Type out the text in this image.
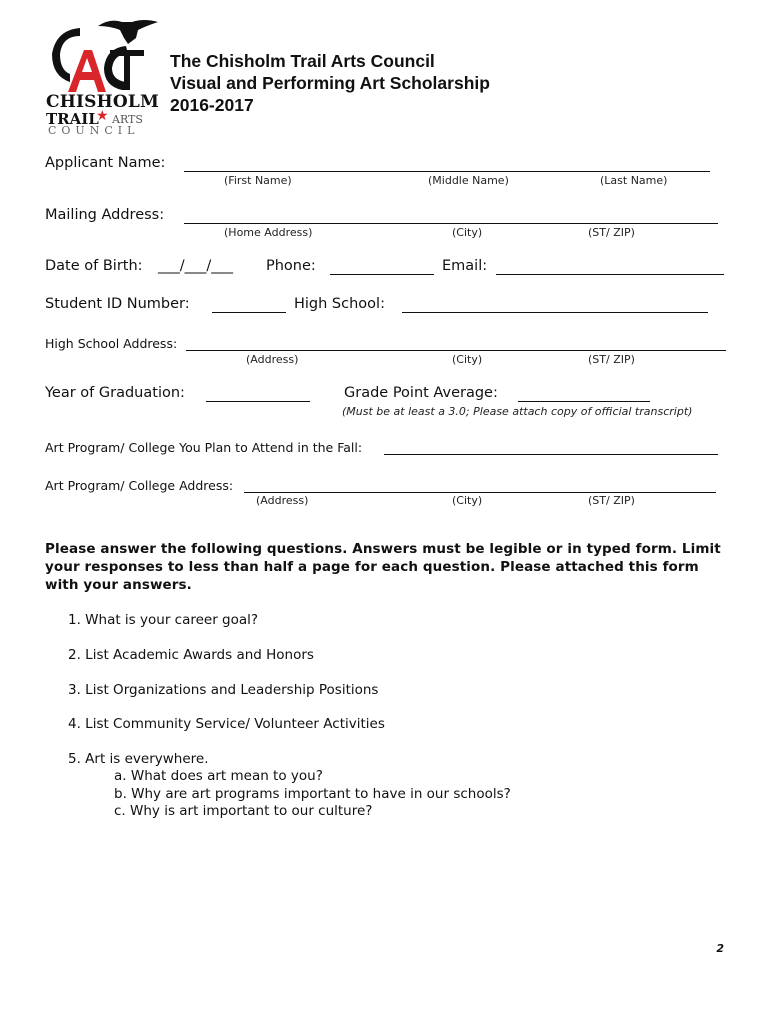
CHISHOLM
TRAIL
★ ARTS
COUNCIL
The Chisholm Trail Arts Council
Visual and Performing Art Scholarship
2016-2017
Applicant Name:
(First Name)	(Middle Name)	(Last Name)
Mailing Address:
(Home Address)	(City)	(ST/ ZIP)
Date of Birth: ___/___/___ Phone:	Email:
Student ID Number:	High School:
High School Address:
(Address)	(City)	(ST/ ZIP)
Year of Graduation:	Grade Point Average:
(Must be at least a 3.0; Please attach copy of official transcript)
Art Program/ College You Plan to Attend in the Fall:
Art Program/ College Address:
(Address)	(City)	(ST/ ZIP)
Please answer the following questions. Answers must be legible or in typed form. Limit your responses to less than half a page for each question. Please attached this form with your answers.
1. What is your career goal?
2. List Academic Awards and Honors
3. List Organizations and Leadership Positions
4. List Community Service/ Volunteer Activities
5. Art is everywhere.
a. What does art mean to you?
b. Why are art programs important to have in our schools?
c. Why is art important to our culture?
2
